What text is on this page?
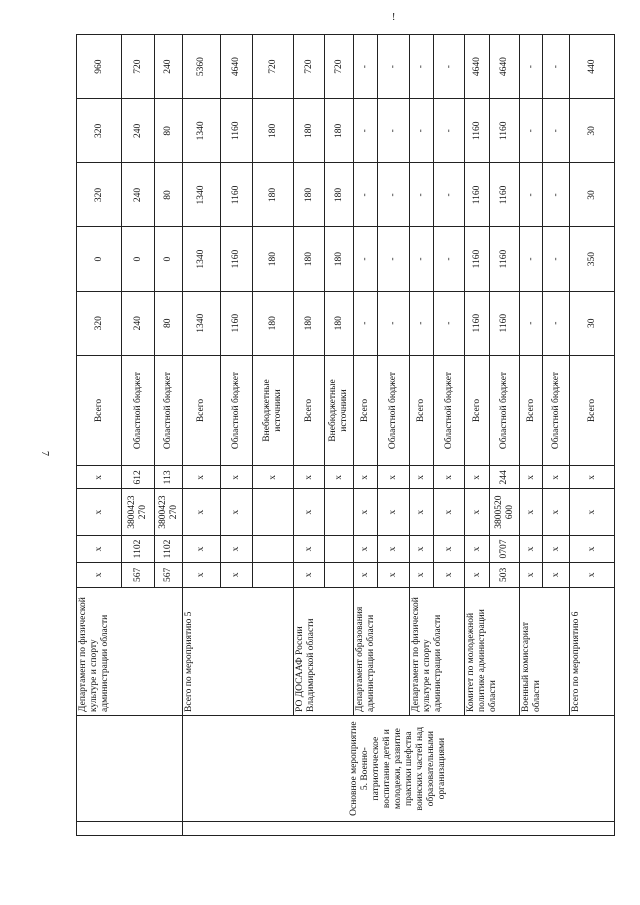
7
!
		Департамент по физической культуре и спорту администрации области	x	x	x	x	Всего	320	0	320	320	960
			567	1102	3800423 270	612	Областной бюджет	240	0	240	240	720
			567	1102	3800423 270	113	Областной бюджет	80	0	80	80	240
	Основное мероприятие 5. Военно-патриотическое воспитание детей и молодежи, развитие практики шефства воинских частей над образовательными организациями	Всего по мероприятию 5	x	x	x	x	Всего	1340	1340	1340	1340	5360
			x	x	x	x	Областной бюджет	1160	1160	1160	1160	4640
						x	Внебюджетные источники	180	180	180	180	720
		РО ДОСААФ России Владимирской области	x	x	x	x	Всего	180	180	180	180	720
						x	Внебюджетные источники	180	180	180	180	720
		Департамент образования администрации области	x	x	x	x	Всего	-	-	-	-	-
			x	x	x	x	Областной бюджет	-	-	-	-	-
		Департамент по физической культуре и спорту администрации области	x	x	x	x	Всего	-	-	-	-	-
			x	x	x	x	Областной бюджет	-	-	-	-	-
		Комитет по молодежной политике администрации области	x	x	x	x	Всего	1160	1160	1160	1160	4640
			503	0707	3800520 600	244	Областной бюджет	1160	1160	1160	1160	4640
		Военный комиссариат области	x	x	x	x	Всего	-	-	-	-	-
			x	x	x	x	Областной бюджет	-	-	-	-	-
		Всего по мероприятию 6	x	x	x	x	Всего	30	350	30	30	440
